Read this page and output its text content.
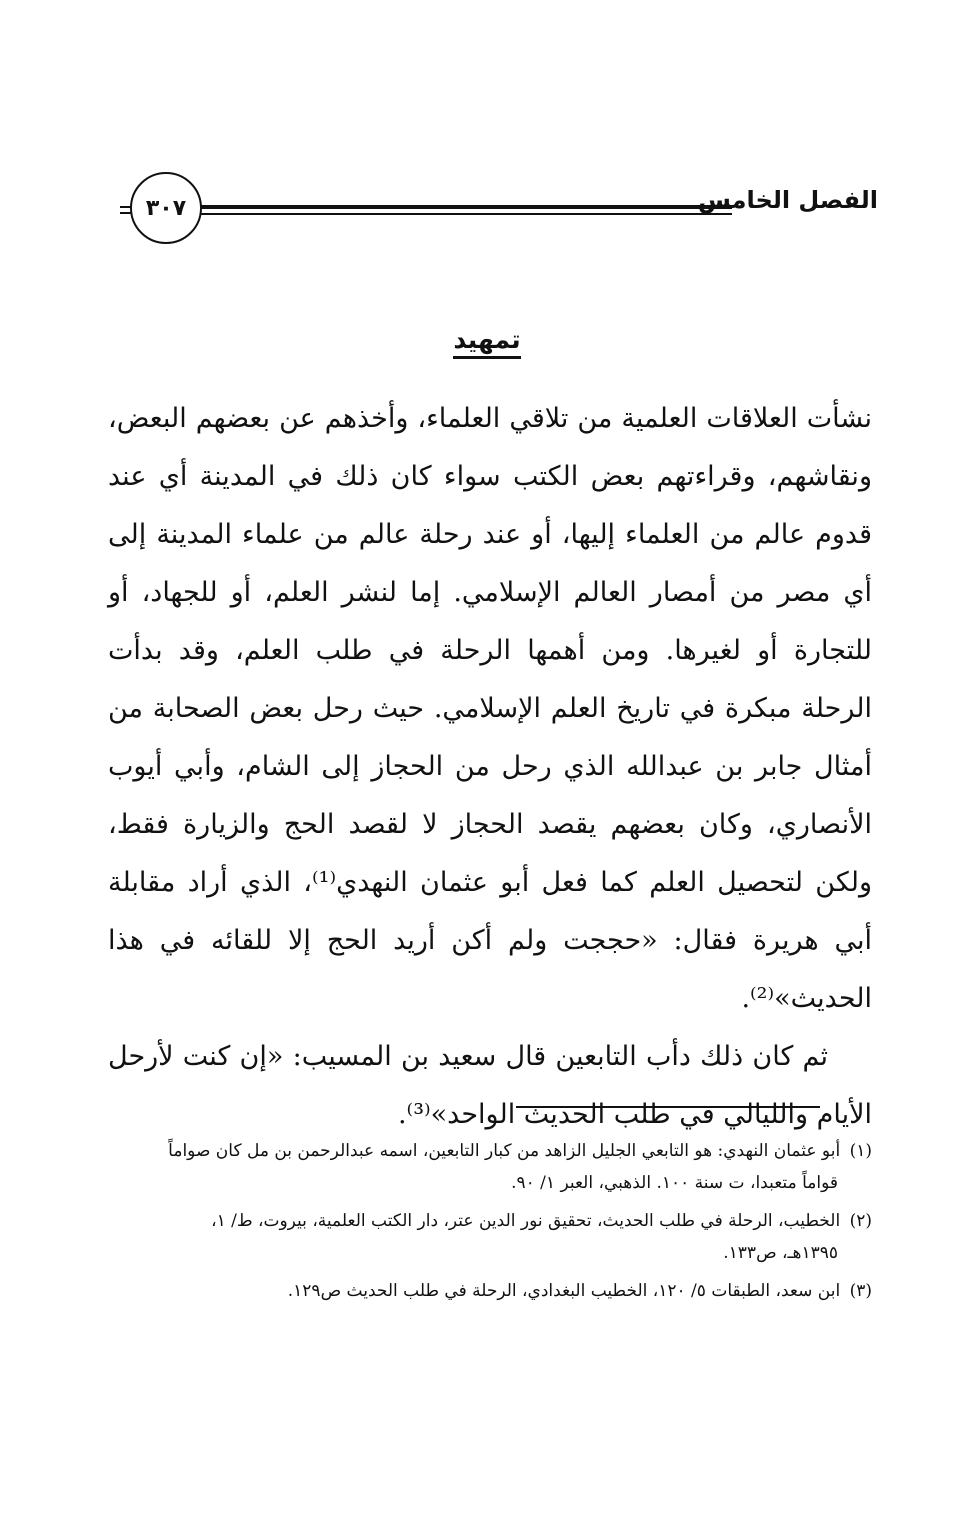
الفصل الخامس
٣٠٧
تمهيد

نشأت العلاقات العلمية من تلاقي العلماء، وأخذهم عن بعضهم البعض، ونقاشهم، وقراءتهم بعض الكتب سواء كان ذلك في المدينة أي عند قدوم عالم من العلماء إليها، أو عند رحلة عالم من علماء المدينة إلى أي مصر من أمصار العالم الإسلامي. إما لنشر العلم، أو للجهاد، أو للتجارة أو لغيرها. ومن أهمها الرحلة في طلب العلم، وقد بدأت الرحلة مبكرة في تاريخ العلم الإسلامي. حيث رحل بعض الصحابة من أمثال جابر بن عبدالله الذي رحل من الحجاز إلى الشام، وأبي أيوب الأنصاري، وكان بعضهم يقصد الحجاز لا لقصد الحج والزيارة فقط، ولكن لتحصيل العلم كما فعل أبو عثمان النهدي⁽¹⁾، الذي أراد مقابلة أبي هريرة فقال: «حججت ولم أكن أريد الحج إلا للقائه في هذا الحديث»⁽²⁾.

ثم كان ذلك دأب التابعين قال سعيد بن المسيب: «إن كنت لأرحل الأيام والليالي في طلب الحديث الواحد»⁽³⁾.

(١) أبو عثمان النهدي: هو التابعي الجليل الزاهد من كبار التابعين، اسمه عبدالرحمن بن مل كان صواماً
قواماً متعبدا، ت سنة ١٠٠. الذهبي، العبر ١/ ٩٠.

(٢) الخطيب، الرحلة في طلب الحديث، تحقيق نور الدين عتر، دار الكتب العلمية، بيروت، ط/ ١،
١٣٩٥هـ، ص١٣٣.

(٣) ابن سعد، الطبقات ٥/ ١٢٠، الخطيب البغدادي، الرحلة في طلب الحديث ص١٢٩.
